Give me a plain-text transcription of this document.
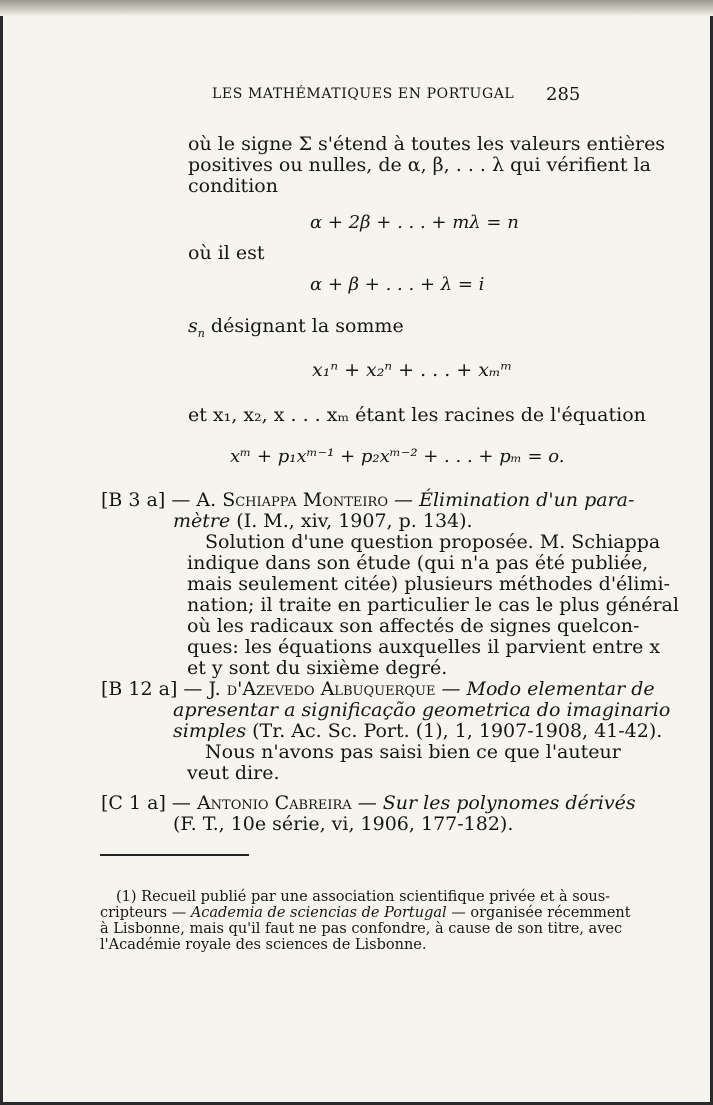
LES MATHÉMATIQUES EN PORTUGAL 285
où le signe Σ s'étend à toutes les valeurs entières
positives ou nulles, de α, β, . . . λ qui vérifient la
condition
α + 2β + . . . + mλ = n
où il est
α + β + . . . + λ = i
$s_n$ désignant la somme
x₁ⁿ + x₂ⁿ + . . . + xₘᵐ
et x₁, x₂, x . . . xₘ étant les racines de l'équation
xᵐ + p₁xᵐ⁻¹ + p₂xᵐ⁻² + . . . + pₘ = o.
[B 3 a] — A. Schiappa Monteiro — Élimination d'un para-
mètre (I. M., xiv, 1907, p. 134).
Solution d'une question proposée. M. Schiappa
indique dans son étude (qui n'a pas été publiée,
mais seulement citée) plusieurs méthodes d'élimi-
nation; il traite en particulier le cas le plus général
où les radicaux son affectés de signes quelcon-
ques: les équations auxquelles il parvient entre x
et y sont du sixième degré.
[B 12 a] — J. d'Azevedo Albuquerque — Modo elementar de
apresentar a significação geometrica do imaginario
simples (Tr. Ac. Sc. Port. (1), 1, 1907-1908, 41-42).
Nous n'avons pas saisi bien ce que l'auteur
veut dire.
[C 1 a] — Antonio Cabreira — Sur les polynomes dérivés
(F. T., 10e série, vi, 1906, 177-182).
(1) Recueil publié par une association scientifique privée et à sous-
cripteurs — Academia de sciencias de Portugal — organisée récemment
à Lisbonne, mais qu'il faut ne pas confondre, à cause de son titre, avec
l'Académie royale des sciences de Lisbonne.
